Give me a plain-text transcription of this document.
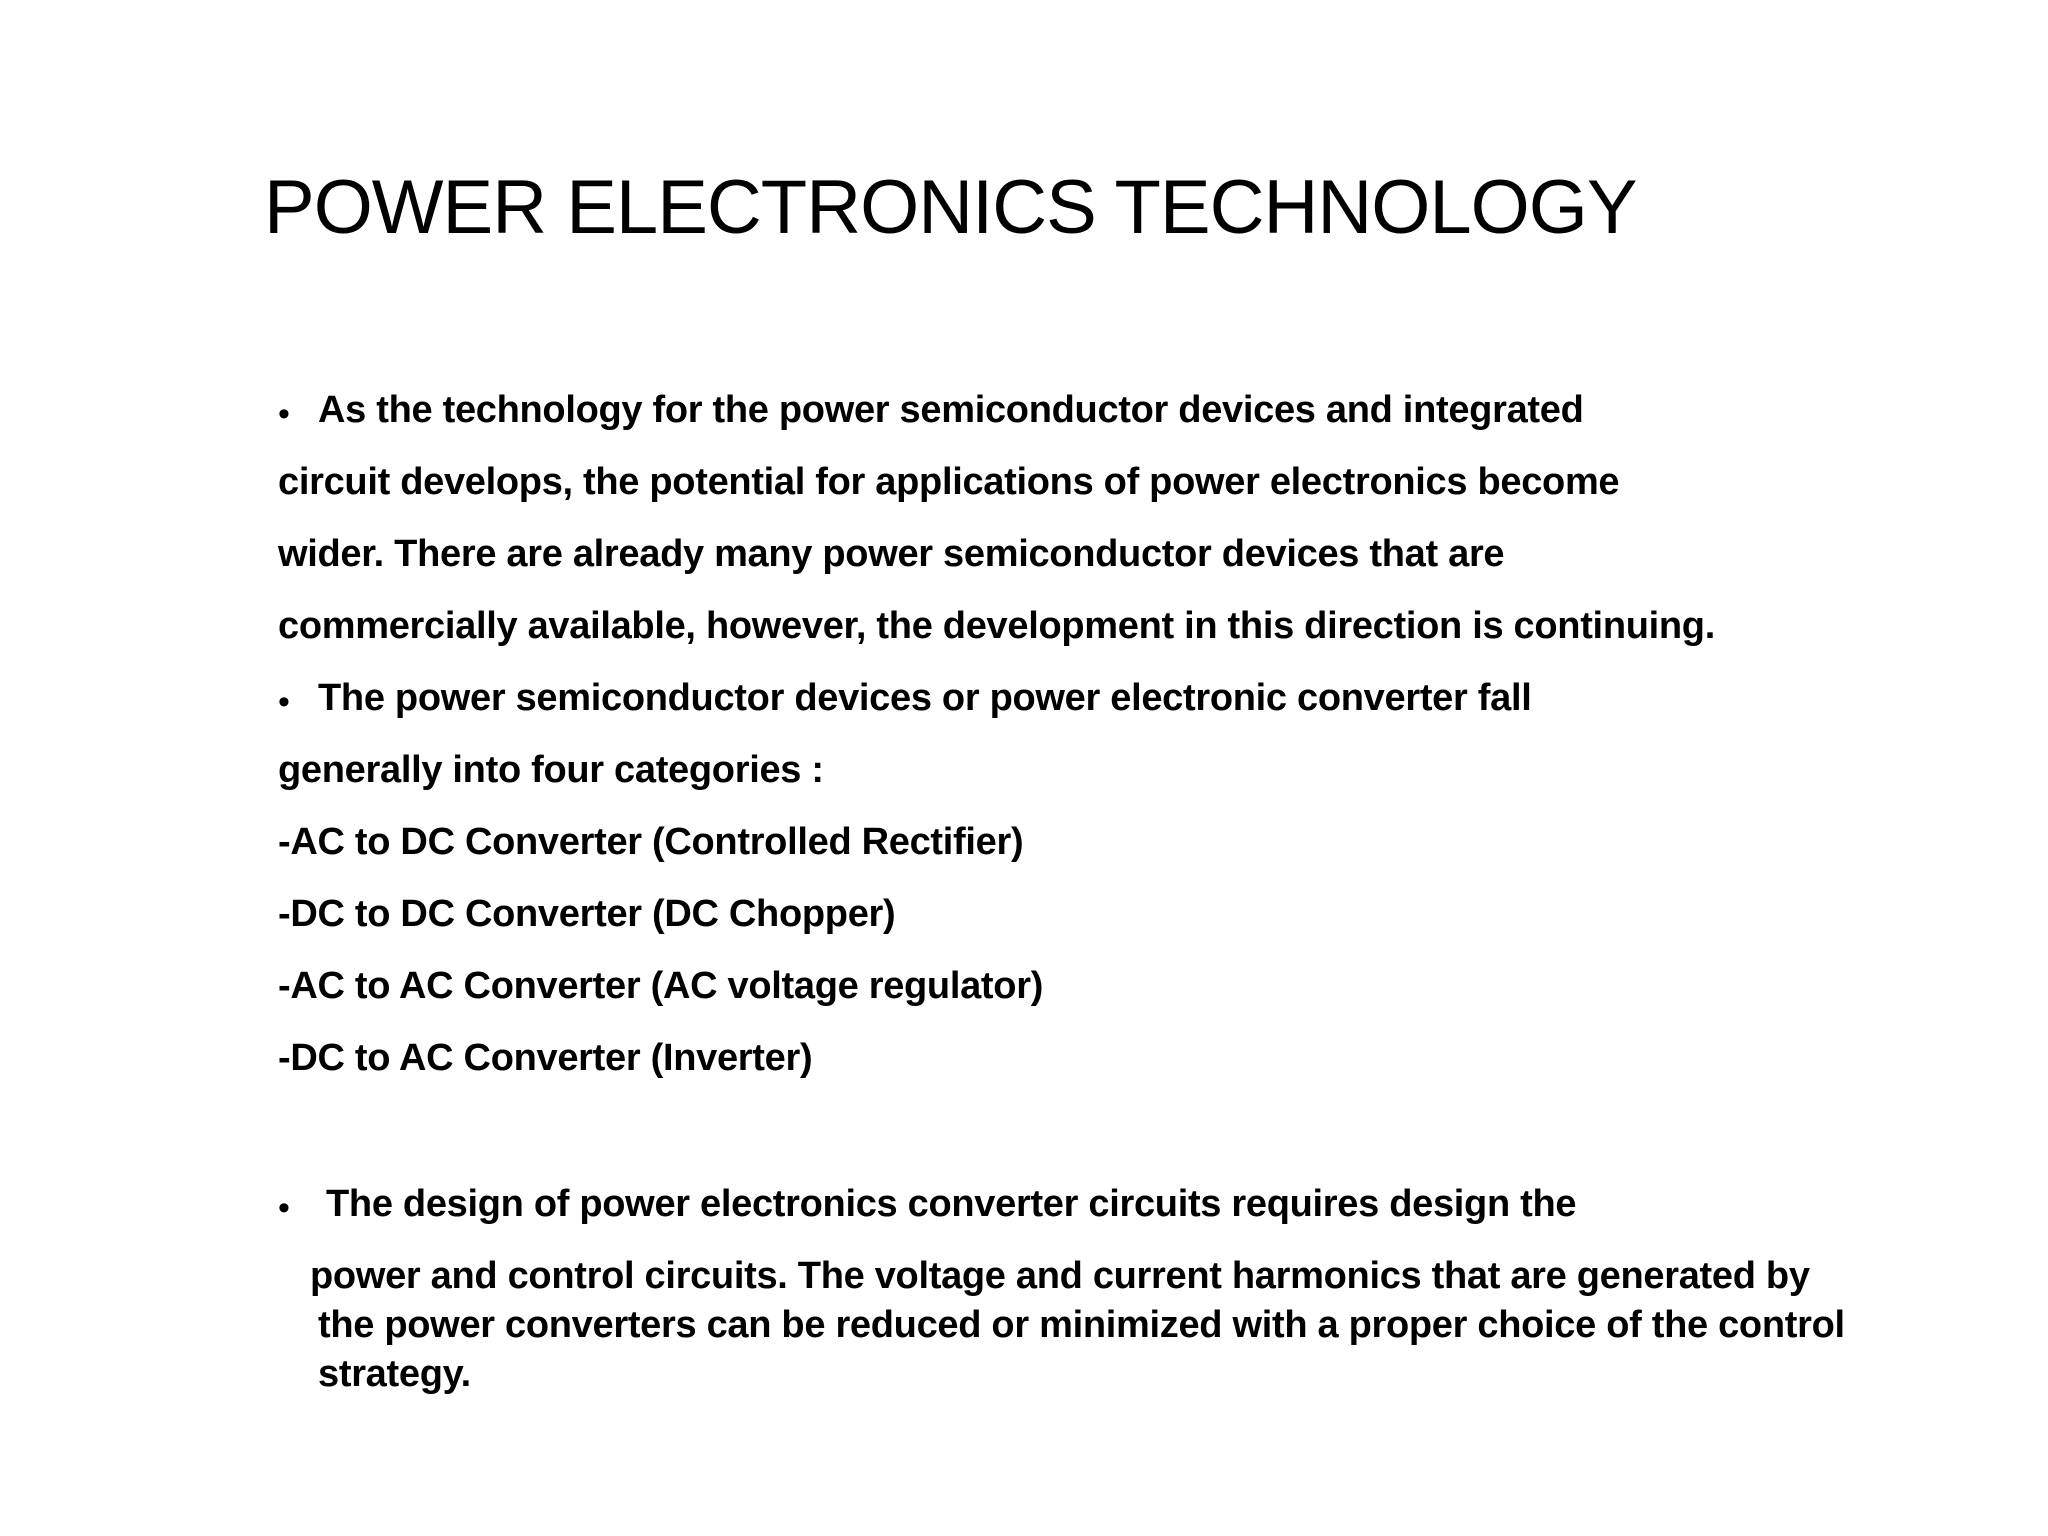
POWER ELECTRONICS TECHNOLOGY
• As the technology for the power semiconductor devices and integrated
circuit develops, the potential for applications of power electronics become
wider. There are already many power semiconductor devices that are
commercially available, however, the development in this direction is continuing.
• The power semiconductor devices or power electronic converter fall
generally into four categories :
-AC to DC Converter (Controlled Rectifier)
-DC to DC Converter (DC Chopper)
-AC to AC Converter (AC voltage regulator)
-DC to AC Converter (Inverter)
• The design of power electronics converter circuits requires design the
power and control circuits. The voltage and current harmonics that are generated by
the power converters can be reduced or minimized with a proper choice of the control
strategy.
